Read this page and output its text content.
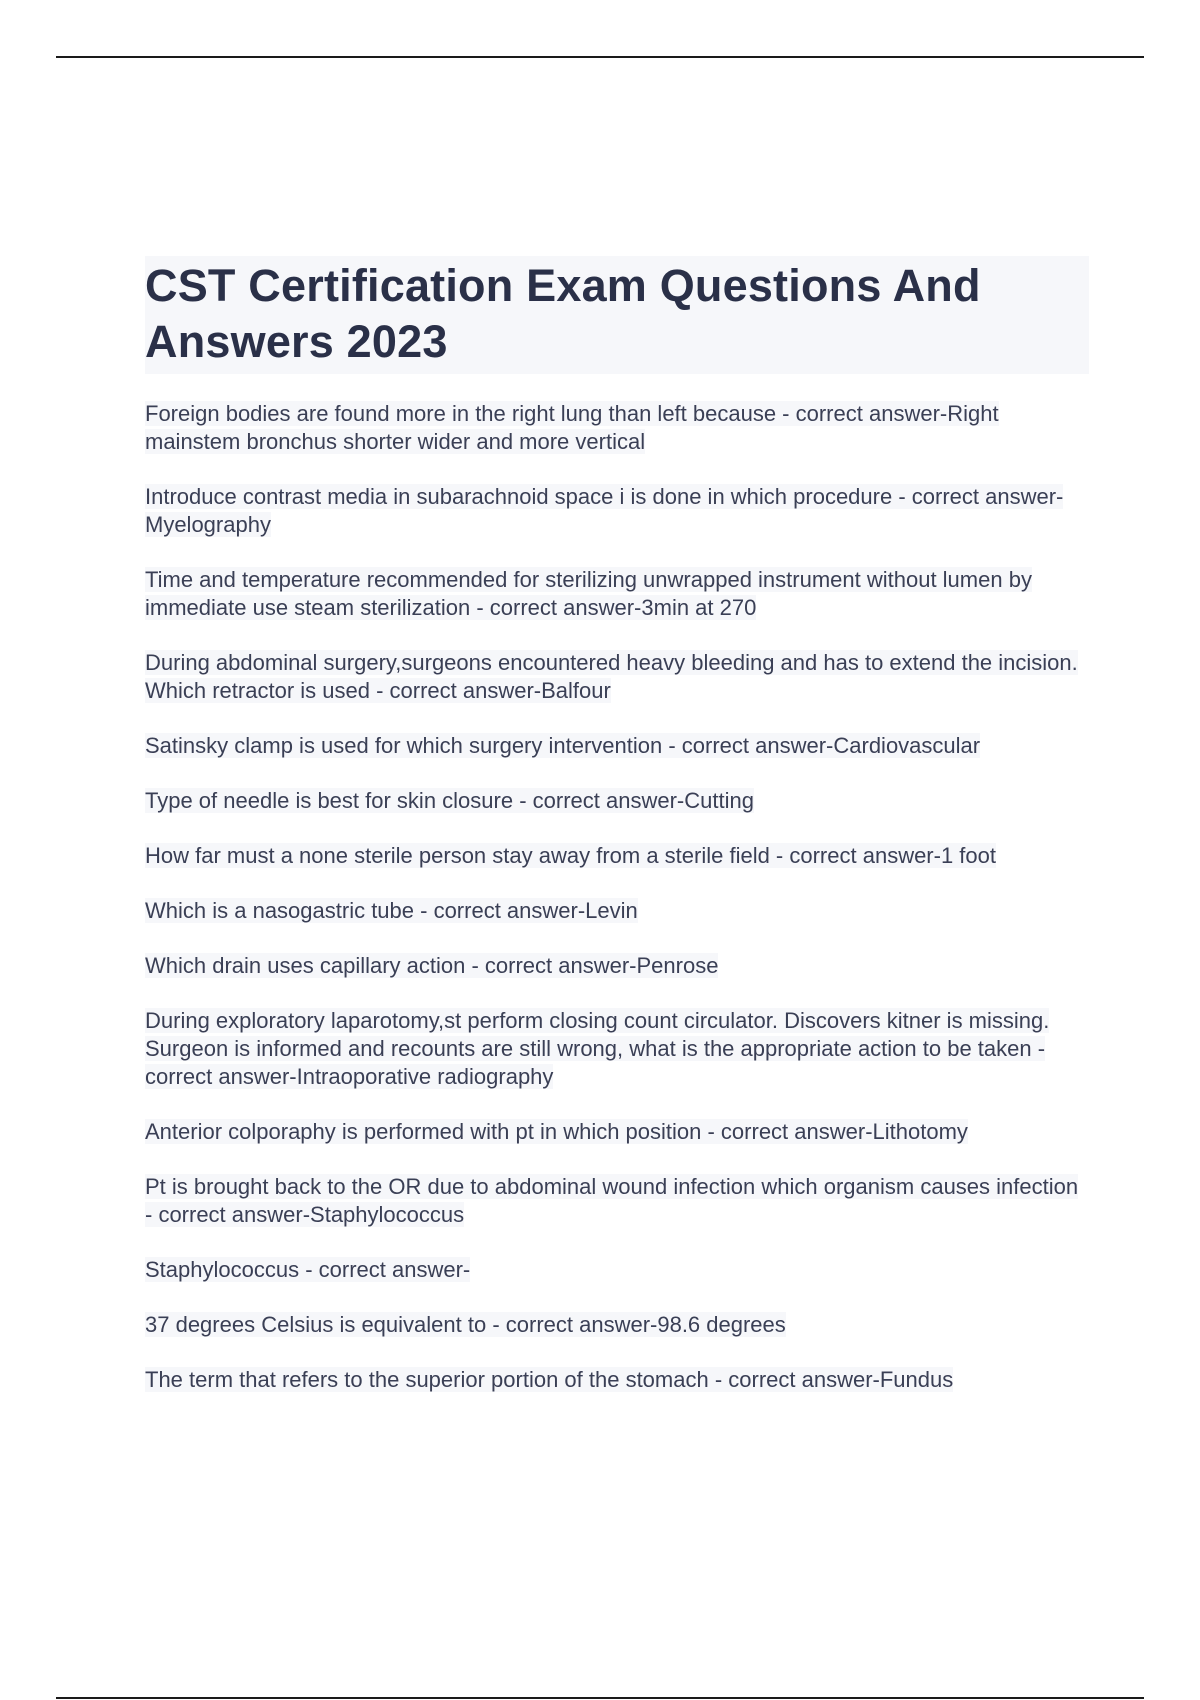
CST Certification Exam Questions And Answers 2023

Foreign bodies are found more in the right lung than left because - correct answer-Right mainstem bronchus shorter wider and more vertical

Introduce contrast media in subarachnoid space i is done in which procedure - correct answer-Myelography

Time and temperature recommended for sterilizing unwrapped instrument without lumen by immediate use steam sterilization - correct answer-3min at 270

During abdominal surgery,surgeons encountered heavy bleeding and has to extend the incision. Which retractor is used - correct answer-Balfour

Satinsky clamp is used for which surgery intervention - correct answer-Cardiovascular

Type of needle is best for skin closure - correct answer-Cutting

How far must a none sterile person stay away from a sterile field - correct answer-1 foot

Which is a nasogastric tube - correct answer-Levin

Which drain uses capillary action - correct answer-Penrose

During exploratory laparotomy,st perform closing count circulator. Discovers kitner is missing. Surgeon is informed and recounts are still wrong, what is the appropriate action to be taken - correct answer-Intraoporative radiography

Anterior colporaphy is performed with pt in which position - correct answer-Lithotomy

Pt is brought back to the OR due to abdominal wound infection which organism causes infection - correct answer-Staphylococcus

Staphylococcus - correct answer-

37 degrees Celsius is equivalent to - correct answer-98.6 degrees

The term that refers to the superior portion of the stomach - correct answer-Fundus
